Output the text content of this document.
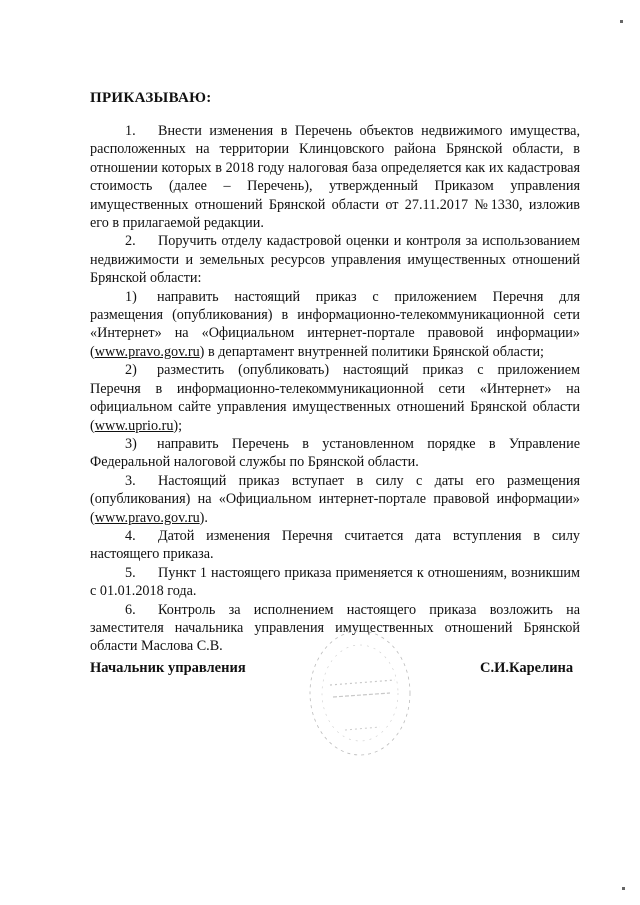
ПРИКАЗЫВАЮ:

1. Внести изменения в Перечень объектов недвижимого имущества, расположенных на территории Клинцовского района Брянской области, в отношении которых в 2018 году налоговая база определяется как их кадастровая стоимость (далее – Перечень), утвержденный Приказом управления имущественных отношений Брянской области от 27.11.2017 №1330, изложив его в прилагаемой редакции.

2. Поручить отделу кадастровой оценки и контроля за использованием недвижимости и земельных ресурсов управления имущественных отношений Брянской области:

1) направить настоящий приказ с приложением Перечня для размещения (опубликования) в информационно-телекоммуникационной сети «Интернет» на «Официальном интернет-портале правовой информации» (www.pravo.gov.ru) в департамент внутренней политики Брянской области;

2) разместить (опубликовать) настоящий приказ с приложением Перечня в информационно-телекоммуникационной сети «Интернет» на официальном сайте управления имущественных отношений Брянской области (www.uprio.ru);

3) направить Перечень в установленном порядке в Управление Федеральной налоговой службы по Брянской области.

3. Настоящий приказ вступает в силу с даты его размещения (опубликования) на «Официальном интернет-портале правовой информации» (www.pravo.gov.ru).

4. Датой изменения Перечня считается дата вступления в силу настоящего приказа.

5. Пункт 1 настоящего приказа применяется к отношениям, возникшим с 01.01.2018 года.

6. Контроль за исполнением настоящего приказа возложить на заместителя начальника управления имущественных отношений Брянской области Маслова С.В.

Начальник управления	С.И.Карелина
